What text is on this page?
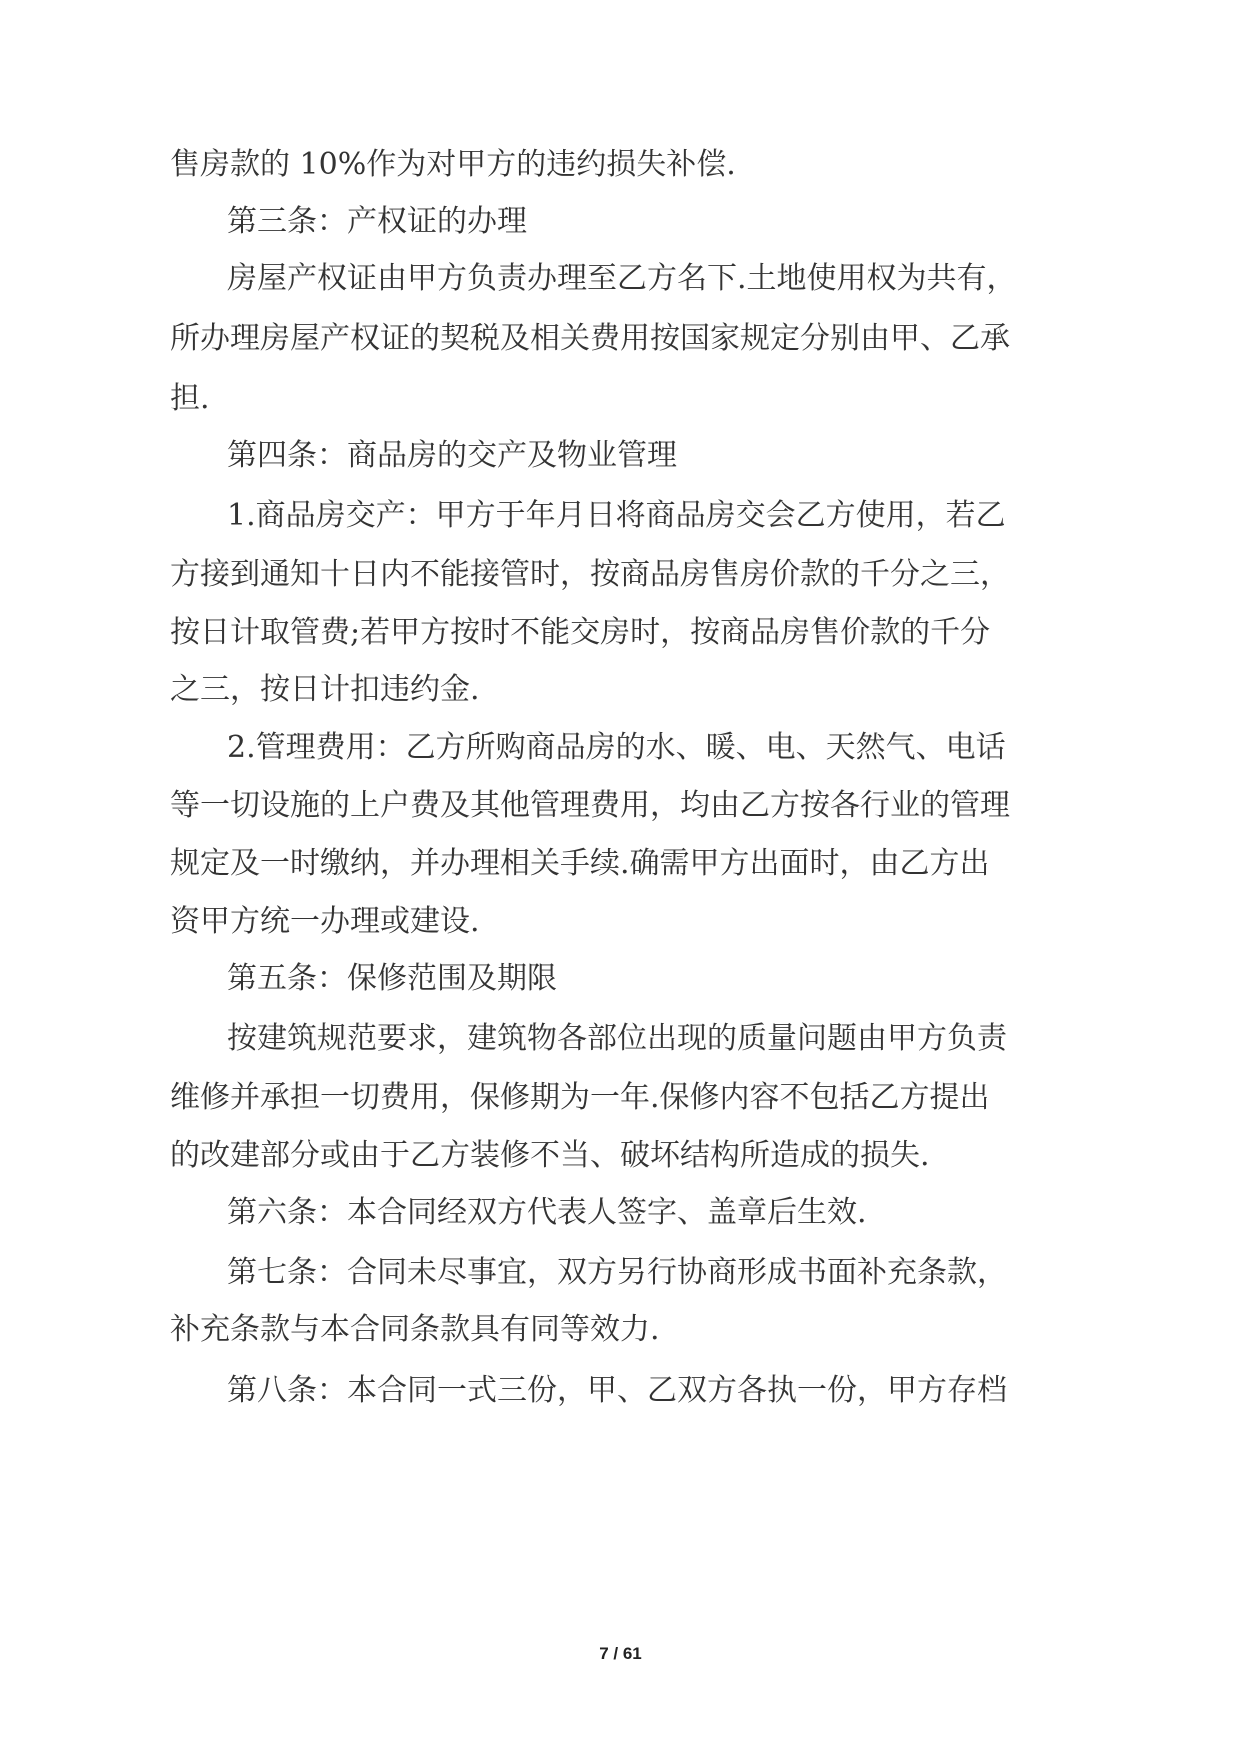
售房款的 10%作为对甲方的违约损失补偿.

第三条：产权证的办理

房屋产权证由甲方负责办理至乙方名下.土地使用权为共有，

所办理房屋产权证的契税及相关费用按国家规定分别由甲、乙承

担.

第四条：商品房的交产及物业管理

1.商品房交产：甲方于年月日将商品房交会乙方使用，若乙

方接到通知十日内不能接管时，按商品房售房价款的千分之三，

按日计取管费;若甲方按时不能交房时，按商品房售价款的千分

之三，按日计扣违约金.

2.管理费用：乙方所购商品房的水、暖、电、天然气、电话

等一切设施的上户费及其他管理费用，均由乙方按各行业的管理

规定及一时缴纳，并办理相关手续.确需甲方出面时，由乙方出

资甲方统一办理或建设.

第五条：保修范围及期限

按建筑规范要求，建筑物各部位出现的质量问题由甲方负责

维修并承担一切费用，保修期为一年.保修内容不包括乙方提出

的改建部分或由于乙方装修不当、破坏结构所造成的损失.

第六条：本合同经双方代表人签字、盖章后生效.

第七条：合同未尽事宜，双方另行协商形成书面补充条款，

补充条款与本合同条款具有同等效力.

第八条：本合同一式三份，甲、乙双方各执一份，甲方存档

7 / 61
